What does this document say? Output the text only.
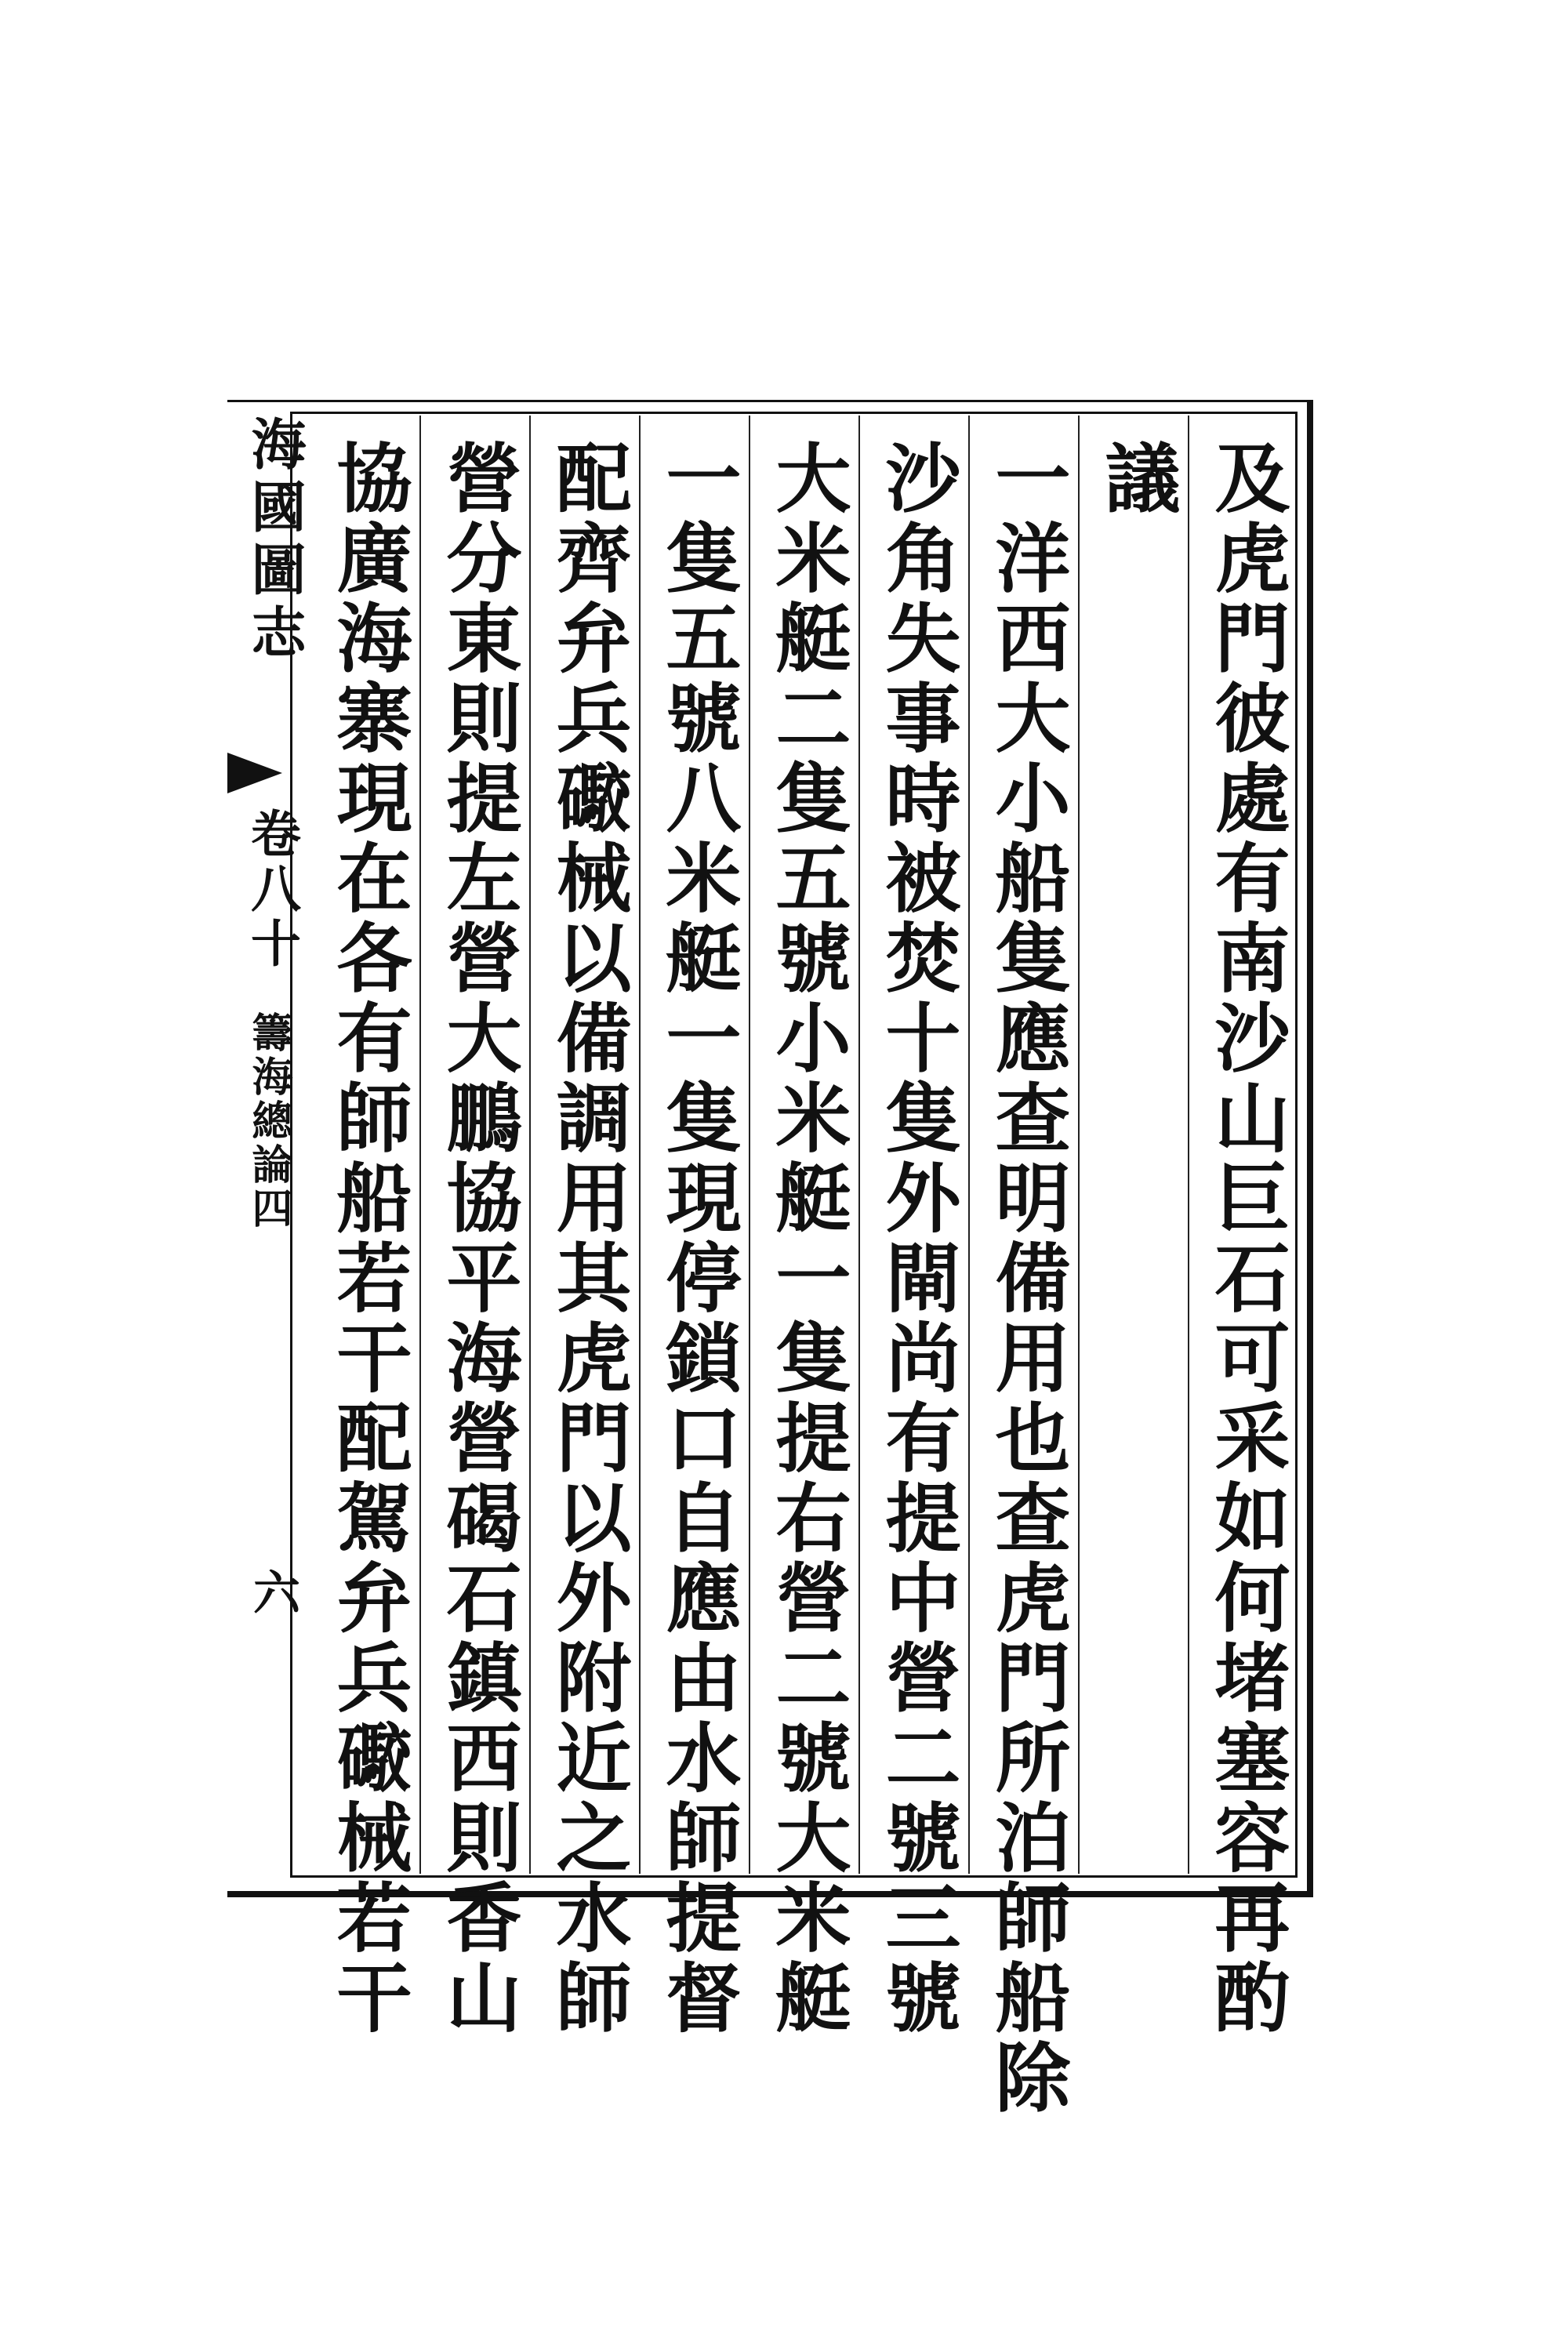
及虎門彼處有南沙山巨石可采如何堵塞容再酌
議
一洋西大小船隻應查明備用也查虎門所泊師船除
沙角失事時被焚十隻外閘尚有提中營二號三號
大米艇二隻五號小米艇一隻提右營二號大米艇
一隻五號八米艇一隻現停鎖口自應由水師提督
配齊弁兵礮械以備調用其虎門以外附近之水師
營分東則提左營大鵬協平海營碣石鎮西則香山
協廣海寨現在各有師船若干配駕弁兵礮械若干
海國圖志
卷八十
籌海總論四
六
